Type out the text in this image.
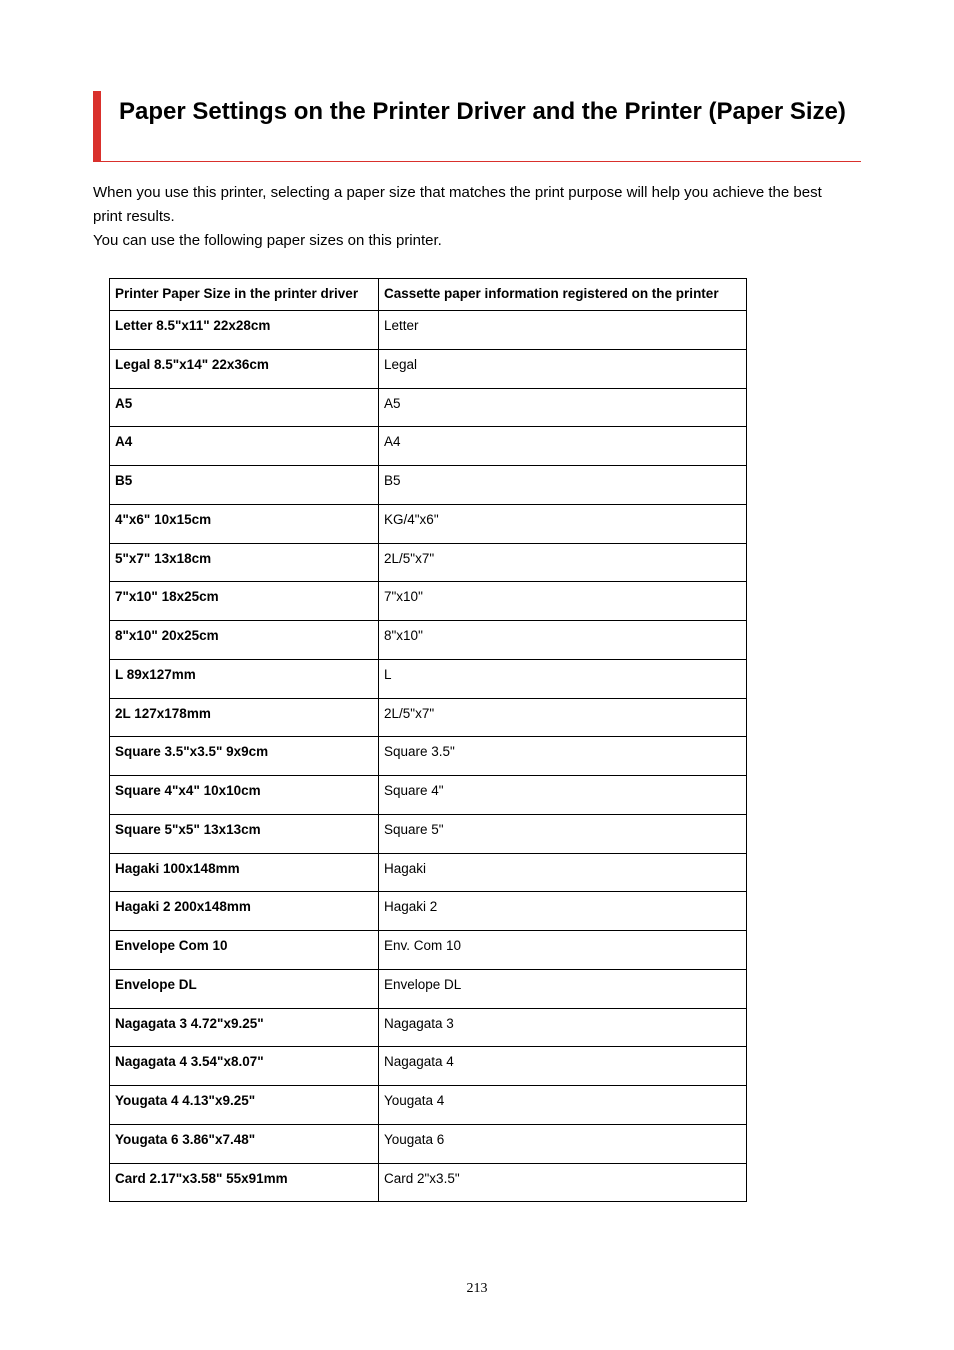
Paper Settings on the Printer Driver and the Printer (Paper Size)

When you use this printer, selecting a paper size that matches the print purpose will help you achieve the best print results.

You can use the following paper sizes on this printer.

Printer Paper Size in the printer driver	Cassette paper information registered on the printer
Letter 8.5"x11" 22x28cm	Letter
Legal 8.5"x14" 22x36cm	Legal
A5	A5
A4	A4
B5	B5
4"x6" 10x15cm	KG/4"x6"
5"x7" 13x18cm	2L/5"x7"
7"x10" 18x25cm	7"x10"
8"x10" 20x25cm	8"x10"
L 89x127mm	L
2L 127x178mm	2L/5"x7"
Square 3.5"x3.5" 9x9cm	Square 3.5"
Square 4"x4" 10x10cm	Square 4"
Square 5"x5" 13x13cm	Square 5"
Hagaki 100x148mm	Hagaki
Hagaki 2 200x148mm	Hagaki 2
Envelope Com 10	Env. Com 10
Envelope DL	Envelope DL
Nagagata 3 4.72"x9.25"	Nagagata 3
Nagagata 4 3.54"x8.07"	Nagagata 4
Yougata 4 4.13"x9.25"	Yougata 4
Yougata 6 3.86"x7.48"	Yougata 6
Card 2.17"x3.58" 55x91mm	Card 2"x3.5"
213
